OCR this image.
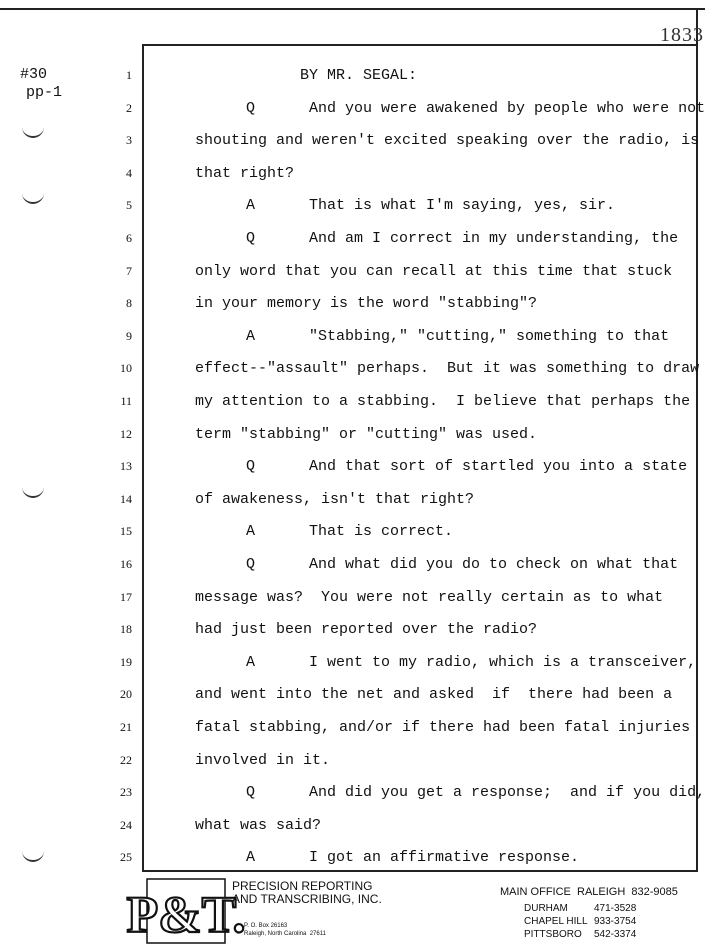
1833
#30
pp-1
1	BY MR. SEGAL:
2	Q      And you were awakened by people who were not
3	shouting and weren't excited speaking over the radio, is
4	that right?
5	A      That is what I'm saying, yes, sir.
6	Q      And am I correct in my understanding, the
7	only word that you can recall at this time that stuck
8	in your memory is the word "stabbing"?
9	A      "Stabbing," "cutting," something to that
10	effect--"assault" perhaps.  But it was something to draw
11	my attention to a stabbing.  I believe that perhaps the
12	term "stabbing" or "cutting" was used.
13	Q      And that sort of startled you into a state
14	of awakeness, isn't that right?
15	A      That is correct.
16	Q      And what did you do to check on what that
17	message was?  You were not really certain as to what
18	had just been reported over the radio?
19	A      I went to my radio, which is a transceiver,
20	and went into the net and asked  if  there had been a
21	fatal stabbing, and/or if there had been fatal injuries
22	involved in it.
23	Q      And did you get a response;  and if you did,
24	what was said?
25	A      I got an affirmative response.
P&T.
PRECISION REPORTING
AND TRANSCRIBING, INC.
P. O. Box 26163
Raleigh, North Carolina  27611
MAIN OFFICE  RALEIGH  832-9085
DURHAM	471-3528
CHAPEL HILL 933-3754
PITTSBORO 542-3374
